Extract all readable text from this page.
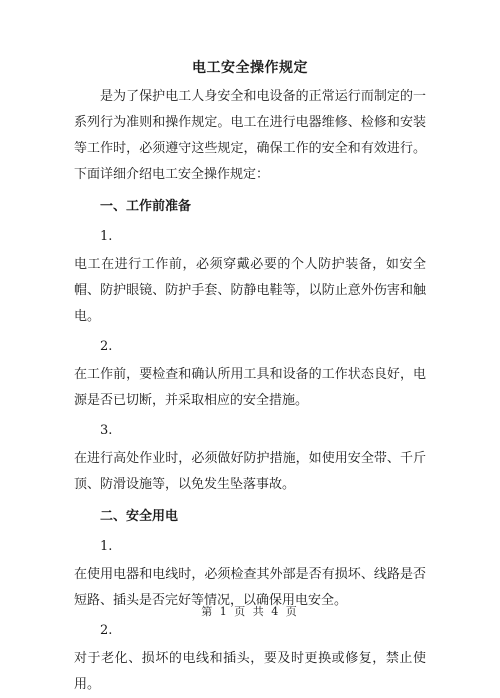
电工安全操作规定

是为了保护电工人身安全和电设备的正常运行而制定的一系列行为准则和操作规定。电工在进行电器维修、检修和安装等工作时，必须遵守这些规定，确保工作的安全和有效进行。下面详细介绍电工安全操作规定：

一、工作前准备
1.

电工在进行工作前，必须穿戴必要的个人防护装备，如安全帽、防护眼镜、防护手套、防静电鞋等，以防止意外伤害和触电。

2.

在工作前，要检查和确认所用工具和设备的工作状态良好，电源是否已切断，并采取相应的安全措施。

3.

在进行高处作业时，必须做好防护措施，如使用安全带、千斤顶、防滑设施等，以免发生坠落事故。

二、安全用电
1.

在使用电器和电线时，必须检查其外部是否有损坏、线路是否短路、插头是否完好等情况，以确保用电安全。

2.

对于老化、损坏的电线和插头，要及时更换或修复，禁止使用。

第 1 页 共 4 页
